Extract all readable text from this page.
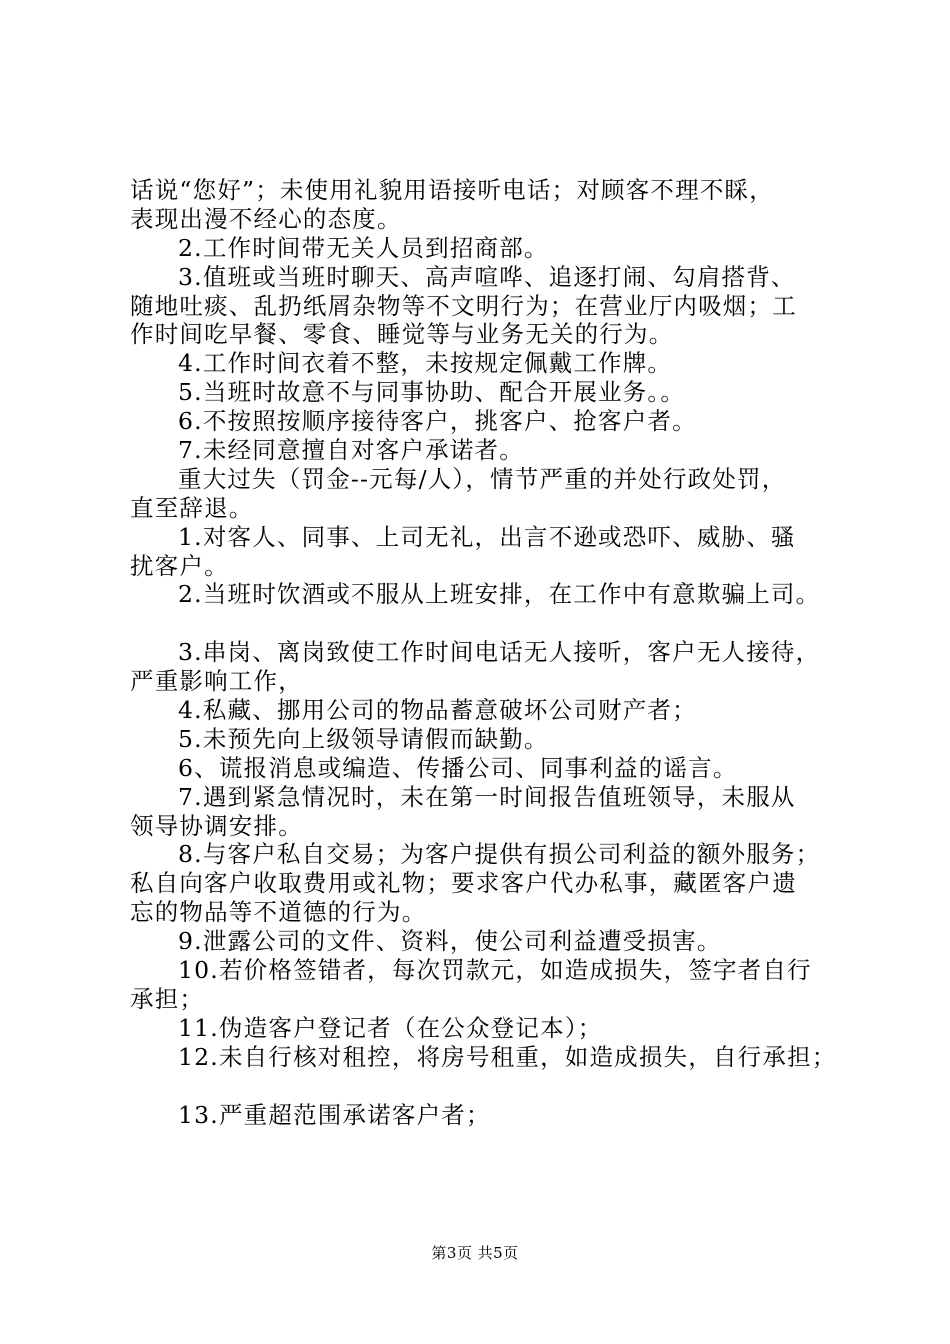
话说“您好”；未使用礼貌用语接听电话；对顾客不理不睬，
表现出漫不经心的态度。
2.工作时间带无关人员到招商部。
3.值班或当班时聊天、高声喧哗、追逐打闹、勾肩搭背、
随地吐痰、乱扔纸屑杂物等不文明行为；在营业厅内吸烟；工
作时间吃早餐、零食、睡觉等与业务无关的行为。
4.工作时间衣着不整，未按规定佩戴工作牌。
5.当班时故意不与同事协助、配合开展业务。。
6.不按照按顺序接待客户，挑客户、抢客户者。
7.未经同意擅自对客户承诺者。
重大过失（罚金--元每/人），情节严重的并处行政处罚，
直至辞退。
1.对客人、同事、上司无礼，出言不逊或恐吓、威胁、骚
扰客户。
2.当班时饮酒或不服从上班安排，在工作中有意欺骗上司。
3.串岗、离岗致使工作时间电话无人接听，客户无人接待，
严重影响工作，
4.私藏、挪用公司的物品蓄意破坏公司财产者；
5.未预先向上级领导请假而缺勤。
6、谎报消息或编造、传播公司、同事利益的谣言。
7.遇到紧急情况时，未在第一时间报告值班领导，未服从
领导协调安排。
8.与客户私自交易；为客户提供有损公司利益的额外服务；
私自向客户收取费用或礼物；要求客户代办私事，藏匿客户遗
忘的物品等不道德的行为。
9.泄露公司的文件、资料，使公司利益遭受损害。
10.若价格签错者，每次罚款元，如造成损失，签字者自行
承担；
11.伪造客户登记者（在公众登记本）；
12.未自行核对租控，将房号租重，如造成损失，自行承担；
13.严重超范围承诺客户者；
第3页 共5页
